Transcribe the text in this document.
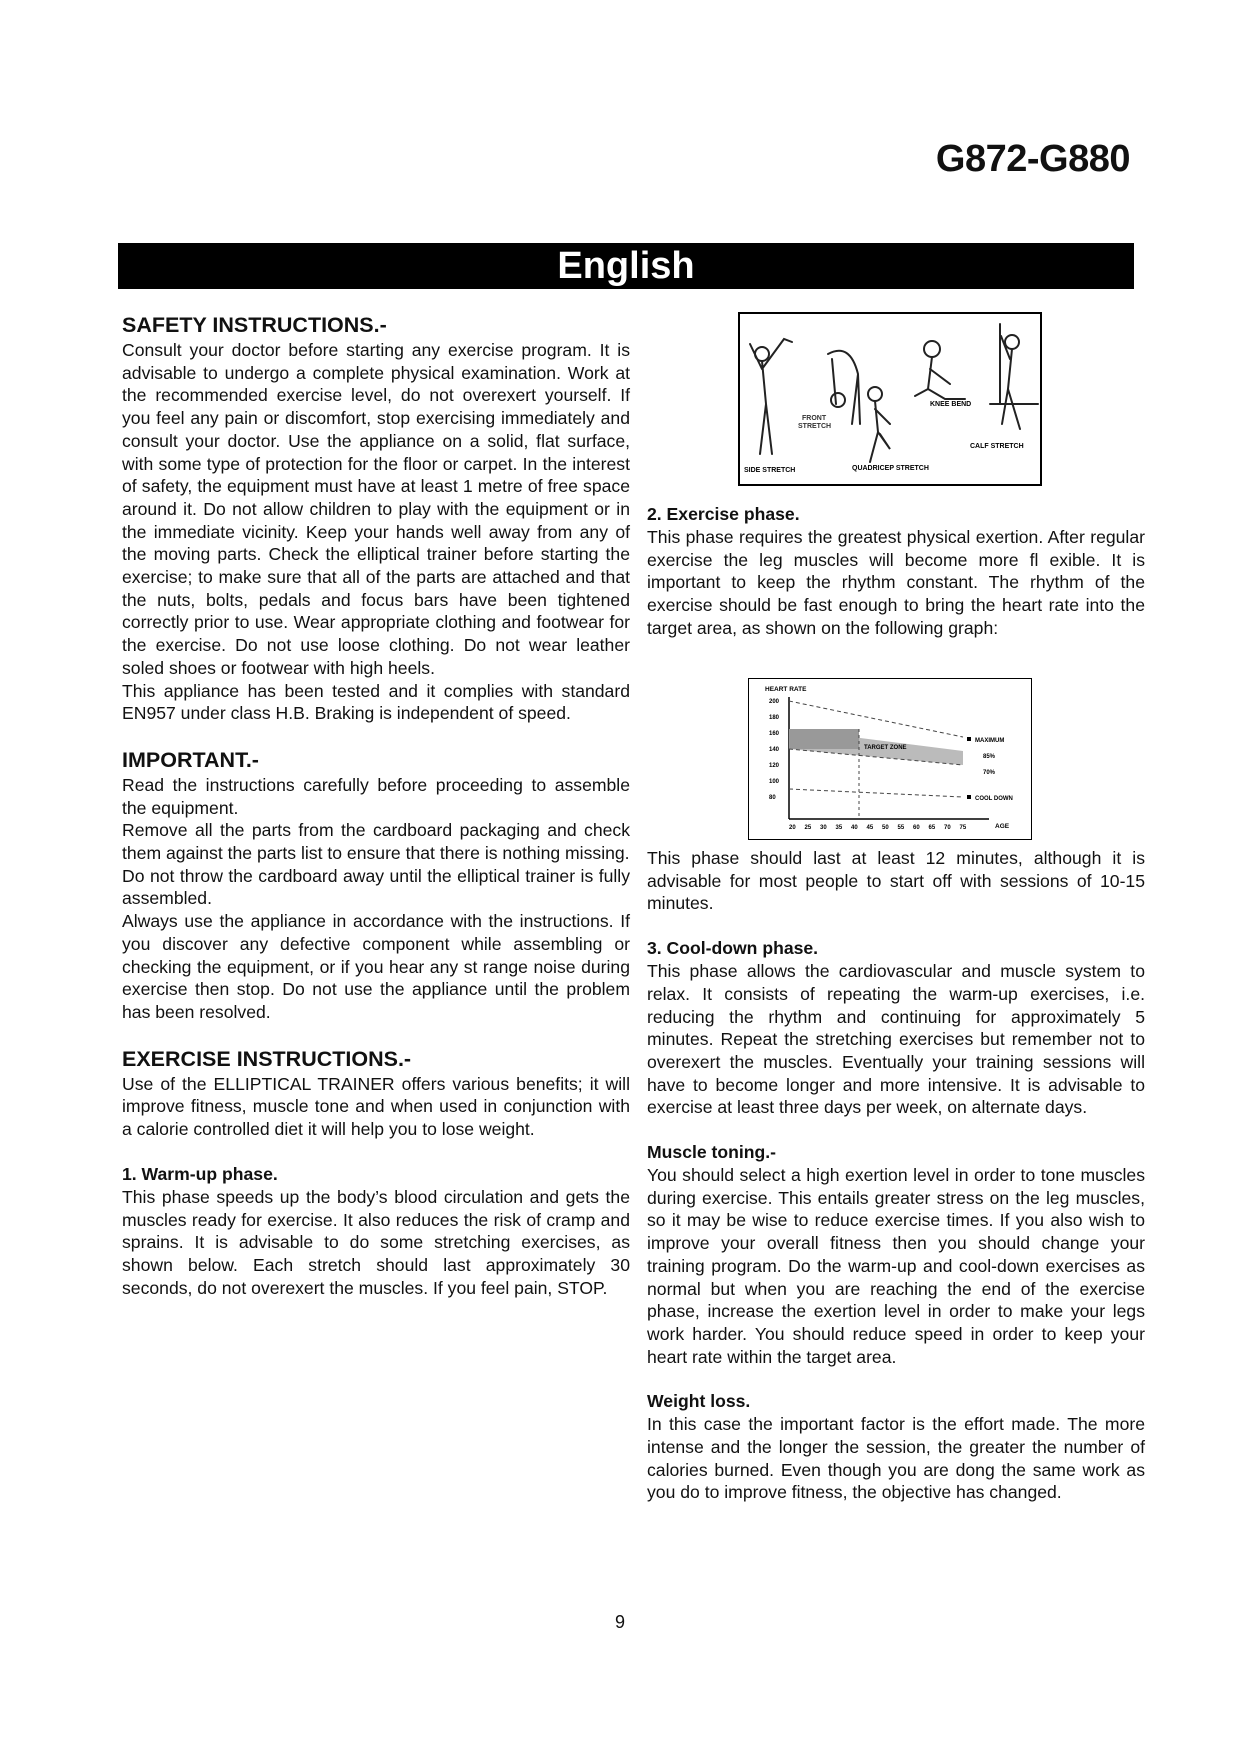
G872-G880
English
SAFETY INSTRUCTIONS.-

Consult your doctor before starting any exercise program. It is advisable to undergo a complete physical examination. Work at the recommended exercise level, do not overexert yourself. If you feel any pain or discomfort, stop exercising immediately and consult your doctor. Use the appliance on a solid, flat surface, with some type of protection for the floor or carpet. In the interest of safety, the equipment must have at least 1 metre of free space around it. Do not allow children to play with the equipment or in the immediate vicinity. Keep your hands well away from any of the moving parts. Check the elliptical trainer before starting the exercise; to make sure that all of the parts are attached and that the nuts, bolts, pedals and focus bars have been tightened correctly prior to use. Wear appropriate clothing and footwear for the exercise. Do not use loose clothing. Do not wear leather soled shoes or footwear with high heels.

This appliance has been tested and it complies with standard EN957 under class H.B. Braking is independent of speed.

IMPORTANT.-

Read the instructions carefully before proceeding to assemble the equipment.

Remove all the parts from the cardboard packaging and check them against the parts list to ensure that there is nothing missing.

Do not throw the cardboard away until the elliptical trainer is fully assembled.

Always use the appliance in accordance with the instructions. If you discover any defective component while assembling or checking the equipment, or if you hear any st range noise during exercise then stop. Do not use the appliance until the problem has been resolved.

EXERCISE INSTRUCTIONS.-

Use of the ELLIPTICAL TRAINER offers various benefits; it will improve fitness, muscle tone and when used in conjunction with a calorie controlled diet it will help you to lose weight.

1. Warm-up phase.

This phase speeds up the body’s blood circulation and gets the muscles ready for exercise. It also reduces the risk of cramp and sprains. It is advisable to do some stretching exercises, as shown below. Each stretch should last approximately 30 seconds, do not overexert the muscles. If you feel pain, STOP.

SIDE STRETCH
FRONT
STRETCH
QUADRICEP STRETCH
KNEE BEND
CALF STRETCH
2. Exercise phase.

This phase requires the greatest physical exertion. After regular exercise the leg muscles will become more fl exible. It is important to keep the rhythm constant. The rhythm of the exercise should be fast enough to bring the heart rate into the target area, as shown on the following graph:

HEART RATE
TARGET ZONE
200
180
160
140
120
100
80
20 25 30 35 40 45 50 55 60 65 70 75	AGE
MAXIMUM
85%
70%
COOL DOWN

This phase should last at least 12 minutes, although it is advisable for most people to start off with sessions of 10-15 minutes.

3. Cool-down phase.

This phase allows the cardiovascular and muscle system to relax. It consists of repeating the warm-up exercises, i.e. reducing the rhythm and continuing for approximately 5 minutes. Repeat the stretching exercises but remember not to overexert the muscles. Eventually your training sessions will have to become longer and more intensive. It is advisable to exercise at least three days per week, on alternate days.

Muscle toning.-

You should select a high exertion level in order to tone muscles during exercise. This entails greater stress on the leg muscles, so it may be wise to reduce exercise times. If you also wish to improve your overall fitness then you should change your training program. Do the warm-up and cool-down exercises as normal but when you are reaching the end of the exercise phase, increase the exertion level in order to make your legs work harder. You should reduce speed in order to keep your heart rate within the target area.

Weight loss.

In this case the important factor is the effort made. The more intense and the longer the session, the greater the number of calories burned. Even though you are dong the same work as you do to improve fitness, the objective has changed.

9
